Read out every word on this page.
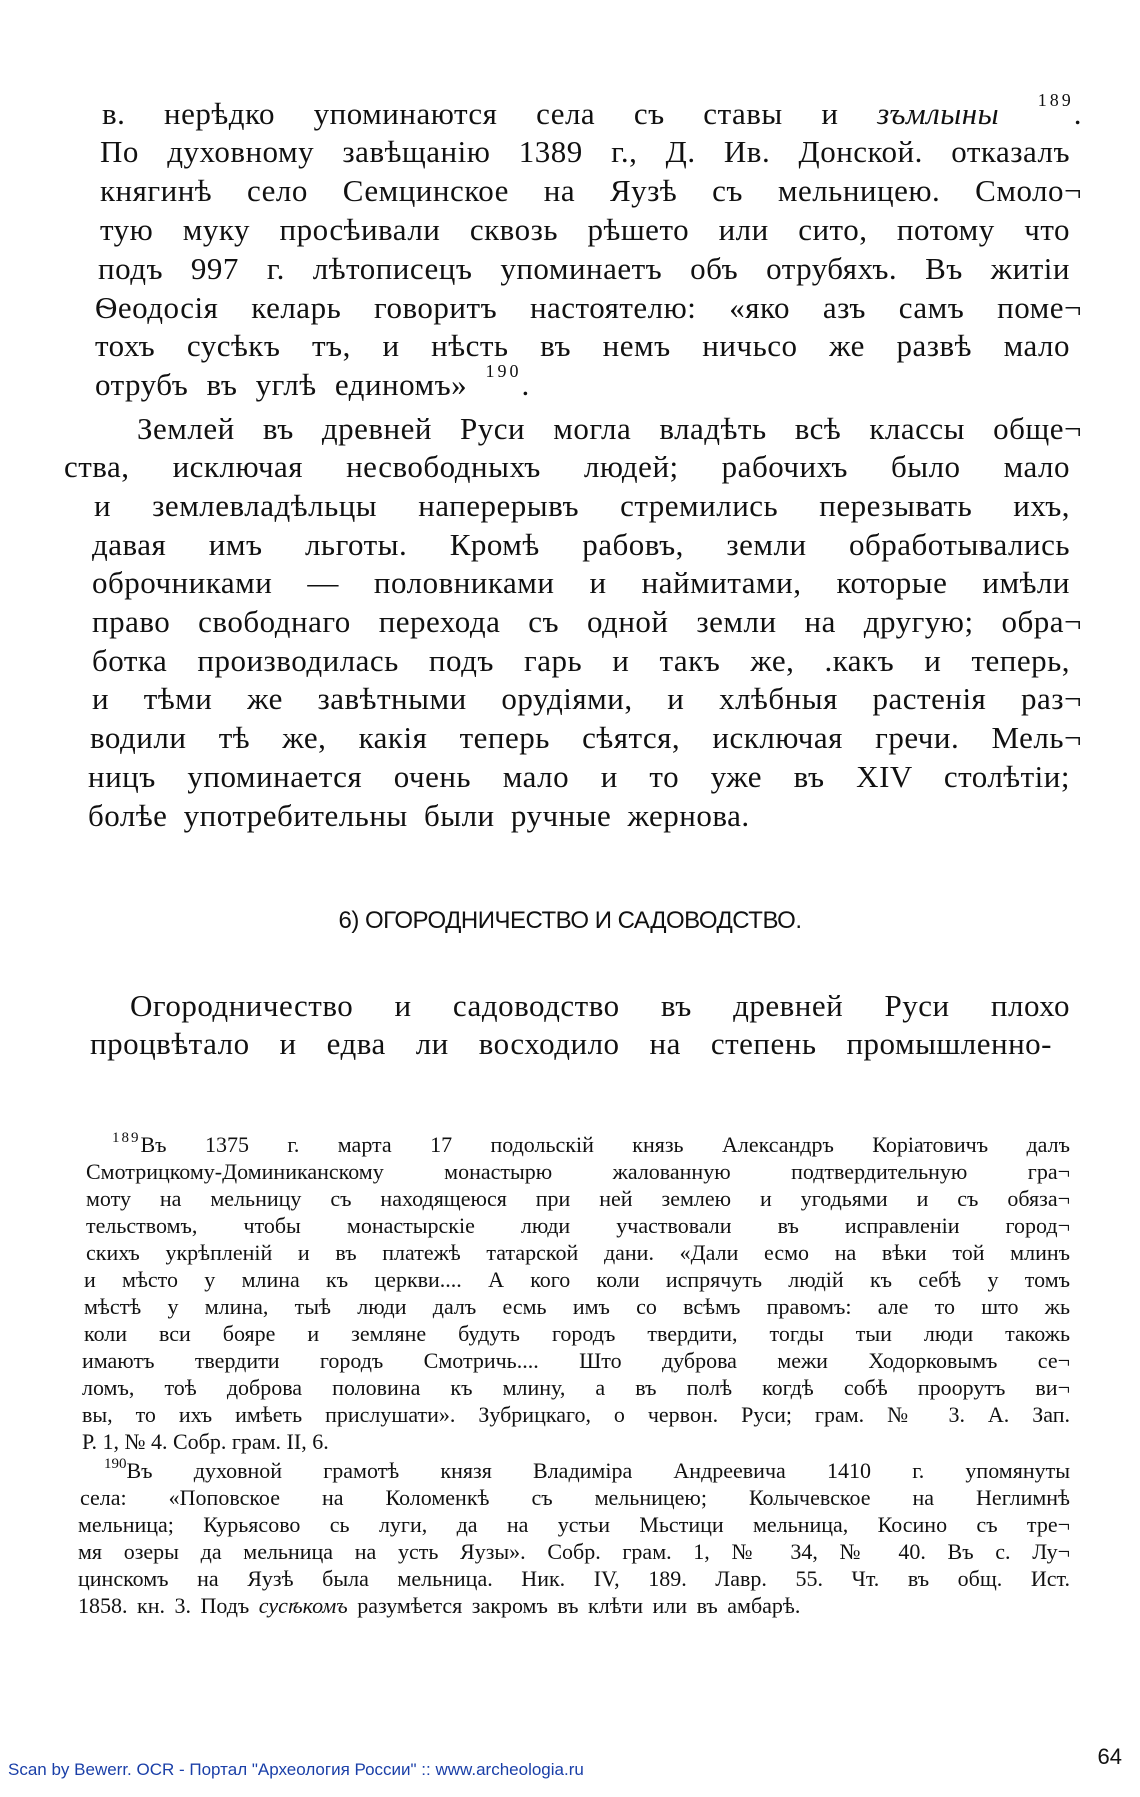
в. нерѣдко упоминаются села съ ставы и зъмлыны $^{189}$.
По духовному завѣщанію 1389 г., Д. Ив. Донской. отказалъ
княгинѣ село Семцинское на Яузѣ съ мельницею. Смоло¬
тую муку просѣивали сквозь рѣшето или сито, потому что
подъ 997 г. лѣтописецъ упоминаетъ объ отрубяхъ. Въ житіи
Ѳеодосія келарь говоритъ настоятелю: «яко азъ самъ поме¬
тохъ сусѣкъ тъ, и нѣсть въ немъ ничьсо же развѣ мало
отрубъ въ углѣ единомъ» $^{190}$.
Землей въ древней Руси могла владѣть всѣ классы обще¬
ства, исключая несвободныхъ людей; рабочихъ было мало
и землевладѣльцы наперерывъ стремились перезывать ихъ,
давая имъ льготы. Кромѣ рабовъ, земли обработывались
оброчниками — половниками и наймитами, которые имѣли
право свободнаго перехода съ одной земли на другую; обра¬
ботка производилась подъ гарь и такъ же, .какъ и теперь,
и тѣми же завѣтными орудіями, и хлѣбныя растенія раз¬
водили тѣ же, какія теперь сѣятся, исключая гречи. Мель¬
ницъ упоминается очень мало и то уже въ XIV столѣтіи;
болѣе употребительны были ручные жернова.
6) ОГОРОДНИЧЕСТВО И САДОВОДСТВО.
Огородничество и садоводство въ древней Руси плохо
процвѣтало и едва ли восходило на степень промышленно-
$^{189}$Въ 1375 г. марта 17 подольскій князь Александръ Коріатовичъ далъ
Смотрицкому-Доминиканскому монастырю жалованную подтвердительную гра¬
моту на мельницу съ находящеюся при ней землею и угодьями и съ обяза¬
тельствомъ, чтобы монастырскіе люди участвовали въ исправленіи город¬
скихъ укрѣпленій и въ платежѣ татарской дани. «Дали есмо на вѣки той млинъ
и мѣсто у млина къ церкви.... А кого коли испрячуть людій къ себѣ у томъ
мѣстѣ у млина, тыѣ люди далъ есмь имъ со всѣмъ правомъ: але то што жь
коли вси бояре и земляне будуть городъ твердити, тогды тыи люди такожь
имаютъ твердити городъ Смотричь.... Што дуброва межи Ходорковымъ се¬
ломъ, тоѣ доброва половина къ млину, а въ полѣ когдѣ собѣ проорутъ ви¬
вы, то ихъ имѣеть прислушати». Зубрицкаго, о червон. Руси; грам. № 3. А. Зап.
Р. 1, № 4. Собр. грам. II, 6.
$^{190}$Въ духовной грамотѣ князя Владиміра Андреевича 1410 г. упомянуты
села: «Поповское на Коломенкѣ съ мельницею; Колычевское на Неглимнѣ
мельница; Курьясово сь луги, да на устьи Мьстици мельница, Косино съ тре¬
мя озеры да мельница на усть Яузы». Собр. грам. 1, № 34, № 40. Въ с. Лу¬
цинскомъ на Яузѣ была мельница. Ник. IV, 189. Лавр. 55. Чт. въ общ. Ист.
1858. кн. 3. Подъ сусѣкомъ разумѣется закромъ въ клѣти или въ амбарѣ.
Scan by Bewerr. OCR - Портал "Археология России" :: www.archeologia.ru
64
